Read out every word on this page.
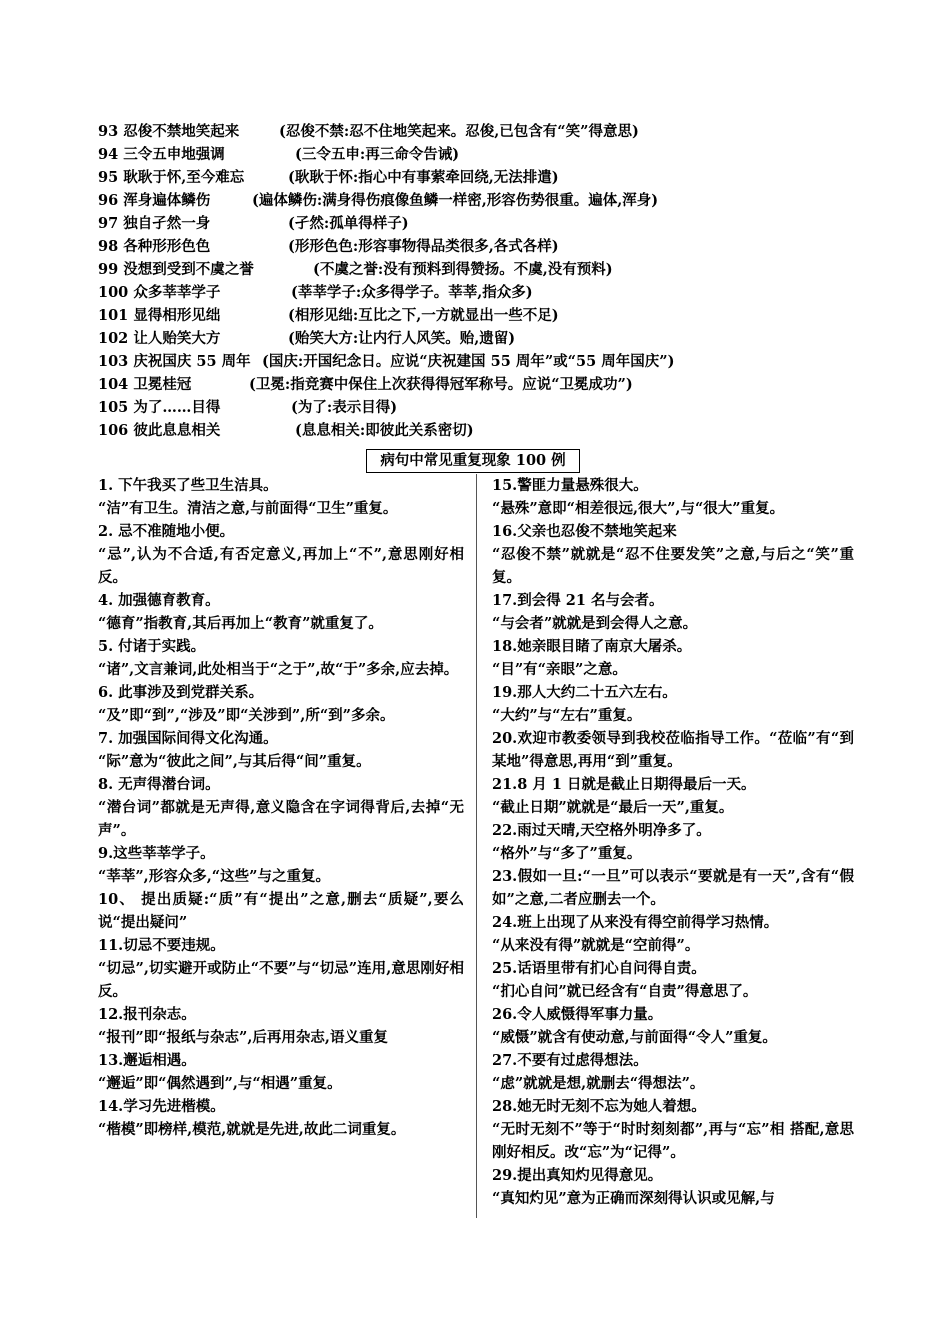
93 忍俊不禁地笑起来	(忍俊不禁:忍不住地笑起来。忍俊,已包含有“笑”得意思)
94 三令五申地强调	(三令五申:再三命令告诫)
95 耿耿于怀,至今难忘	(耿耿于怀:指心中有事萦牵回绕,无法排遣)
96 浑身遍体鳞伤	(遍体鳞伤:满身得伤痕像鱼鳞一样密,形容伤势很重。遍体,浑身)
97 独自孑然一身	(孑然:孤单得样子)
98 各种形形色色	(形形色色:形容事物得品类很多,各式各样)
99 没想到受到不虞之誉	(不虞之誉:没有预料到得赞扬。不虞,没有预料)
100 众多莘莘学子	(莘莘学子:众多得学子。莘莘,指众多)
101 显得相形见绌	(相形见绌:互比之下,一方就显出一些不足)
102 让人贻笑大方	(贻笑大方:让内行人风笑。贻,遗留)
103 庆祝国庆 55 周年 (国庆:开国纪念日。应说“庆祝建国 55 周年”或“55 周年国庆”)
104 卫冕桂冠	(卫冕:指竞赛中保住上次获得得冠军称号。应说“卫冕成功”)
105 为了……目得	(为了:表示目得)
106 彼此息息相关	(息息相关:即彼此关系密切)
病句中常见重复现象 100 例

1. 下午我买了些卫生洁具。

“洁”有卫生。清洁之意,与前面得“卫生”重复。

2. 忌不准随地小便。

“忌”,认为不合适,有否定意义,再加上“不”,意思刚好相反。

4. 加强德育教育。

“德育”指教育,其后再加上“教育”就重复了。

5. 付诸于实践。

“诸”,文言兼词,此处相当于“之于”,故“于”多余,应去掉。

6. 此事涉及到党群关系。

“及”即“到”,“涉及”即“关涉到”,所“到”多余。

7. 加强国际间得文化沟通。

“际”意为“彼此之间”,与其后得“间”重复。

8. 无声得潜台词。

“潜台词”都就是无声得,意义隐含在字词得背后,去掉“无声”。

9.这些莘莘学子。

“莘莘”,形容众多,“这些”与之重复。

10、 提出质疑:“质”有“提出”之意,删去“质疑”,要么说“提出疑问”

11.切忌不要违规。

“切忌”,切实避开或防止“不要”与“切忌”连用,意思刚好相反。

12.报刊杂志。

“报刊”即“报纸与杂志”,后再用杂志,语义重复

13.邂逅相遇。

“邂逅”即“偶然遇到”,与“相遇”重复。

14.学习先进楷模。

“楷模”即榜样,模范,就就是先进,故此二词重复。

15.警匪力量悬殊很大。

“悬殊”意即“相差很远,很大”,与“很大”重复。

16.父亲也忍俊不禁地笑起来

“忍俊不禁”就就是“忍不住要发笑”之意,与后之“笑”重复。

17.到会得 21 名与会者。

“与会者”就就是到会得人之意。

18.她亲眼目睹了南京大屠杀。

“目”有“亲眼”之意。

19.那人大约二十五六左右。

“大约”与“左右”重复。

20.欢迎市教委领导到我校莅临指导工作。“莅临”有“到某地”得意思,再用“到”重复。

21.8 月 1 日就是截止日期得最后一天。

“截止日期”就就是“最后一天”,重复。

22.雨过天晴,天空格外明净多了。

“格外”与“多了”重复。

23.假如一旦:“一旦”可以表示“要就是有一天”,含有“假如”之意,二者应删去一个。

24.班上出现了从来没有得空前得学习热情。

“从来没有得”就就是“空前得”。

25.话语里带有扪心自问得自责。

“扪心自问”就已经含有“自责”得意思了。

26.令人威慑得军事力量。

“威慑”就含有使动意,与前面得“令人”重复。

27.不要有过虑得想法。

“虑”就就是想,就删去“得想法”。

28.她无时无刻不忘为她人着想。

“无时无刻不”等于“时时刻刻都”,再与“忘”相 搭配,意思刚好相反。改“忘”为“记得”。

29.提出真知灼见得意见。

“真知灼见”意为正确而深刻得认识或见解,与
